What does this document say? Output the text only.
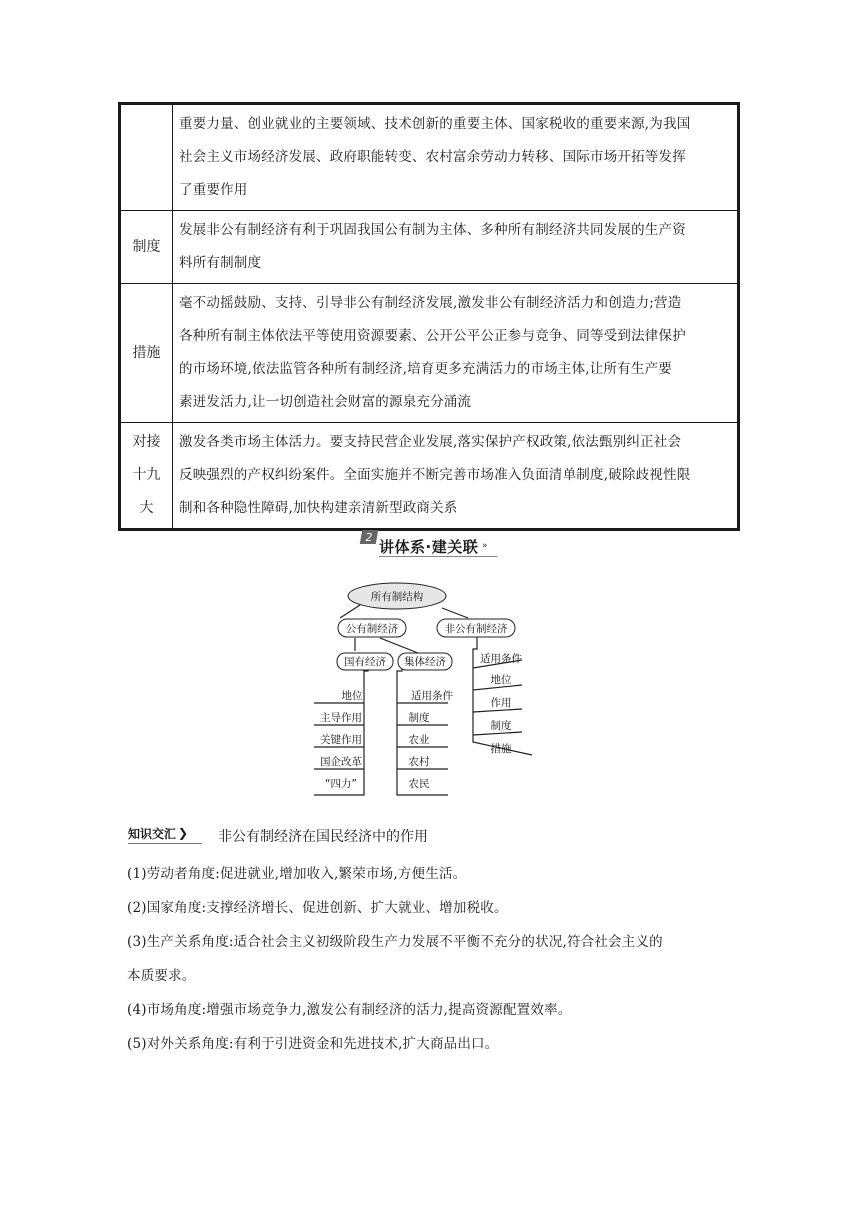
重要力量、创业就业的主要领域、技术创新的重要主体、国家税收的重要来源,为我国
社会主义市场经济发展、政府职能转变、农村富余劳动力转移、国际市场开拓等发挥
了重要作用
制度
发展非公有制经济有利于巩固我国公有制为主体、多种所有制经济共同发展的生产资
料所有制制度
措施
毫不动摇鼓励、支持、引导非公有制经济发展,激发非公有制经济活力和创造力;营造
各种所有制主体依法平等使用资源要素、公开公平公正参与竞争、同等受到法律保护
的市场环境,依法监管各种所有制经济,培育更多充满活力的市场主体,让所有生产要
素迸发活力,让一切创造社会财富的源泉充分涌流
对接十九大
激发各类市场主体活力。要支持民营企业发展,落实保护产权政策,依法甄别纠正社会
反映强烈的产权纠纷案件。全面实施并不断完善市场准入负面清单制度,破除歧视性限
制和各种隐性障碍,加快构建亲清新型政商关系
2
讲体系·建关联 »
所有制结构
公有制经济	非公有制经济
国有经济 集体经济
地位
主导作用
关键作用
国企改革
“四力”
适用条件
制度
农业
农村
农民
适用条件
地位
作用
制度
措施
知识交汇 ❯ 非公有制经济在国民经济中的作用
(1)劳动者角度:促进就业,增加收入,繁荣市场,方便生活。
(2)国家角度:支撑经济增长、促进创新、扩大就业、增加税收。
(3)生产关系角度:适合社会主义初级阶段生产力发展不平衡不充分的状况,符合社会主义的
本质要求。
(4)市场角度:增强市场竞争力,激发公有制经济的活力,提高资源配置效率。
(5)对外关系角度:有利于引进资金和先进技术,扩大商品出口。
